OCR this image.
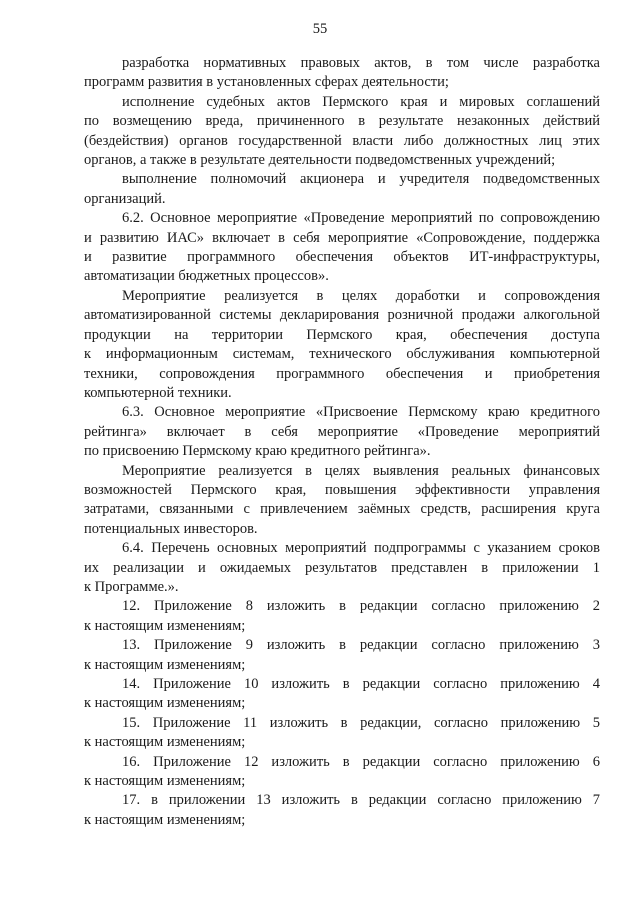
55

разработка нормативных правовых актов, в том числе разработка
программ развития в установленных сферах деятельности;

исполнение судебных актов Пермского края и мировых соглашений
по возмещению вреда, причиненного в результате незаконных действий
(бездействия) органов государственной власти либо должностных лиц этих
органов, а также в результате деятельности подведомственных учреждений;

выполнение полномочий акционера и учредителя подведомственных
организаций.

6.2. Основное мероприятие «Проведение мероприятий по сопровождению
и развитию ИАС» включает в себя мероприятие «Сопровождение, поддержка
и развитие программного обеспечения объектов ИТ-инфраструктуры,
автоматизации бюджетных процессов».

Мероприятие реализуется в целях доработки и сопровождения
автоматизированной системы декларирования розничной продажи алкогольной
продукции на территории Пермского края, обеспечения доступа
к информационным системам, технического обслуживания компьютерной
техники, сопровождения программного обеспечения и приобретения
компьютерной техники.

6.3. Основное мероприятие «Присвоение Пермскому краю кредитного
рейтинга» включает в себя мероприятие «Проведение мероприятий
по присвоению Пермскому краю кредитного рейтинга».

Мероприятие реализуется в целях выявления реальных финансовых
возможностей Пермского края, повышения эффективности управления
затратами, связанными с привлечением заёмных средств, расширения круга
потенциальных инвесторов.

6.4. Перечень основных мероприятий подпрограммы с указанием сроков
их реализации и ожидаемых результатов представлен в приложении 1
к Программе.».

12. Приложение 8 изложить в редакции согласно приложению 2
к настоящим изменениям;

13. Приложение 9 изложить в редакции согласно приложению 3
к настоящим изменениям;

14. Приложение 10 изложить в редакции согласно приложению 4
к настоящим изменениям;

15. Приложение 11 изложить в редакции, согласно приложению 5
к настоящим изменениям;

16. Приложение 12 изложить в редакции согласно приложению 6
к настоящим изменениям;

17. в приложении 13 изложить в редакции согласно приложению 7
к настоящим изменениям;
